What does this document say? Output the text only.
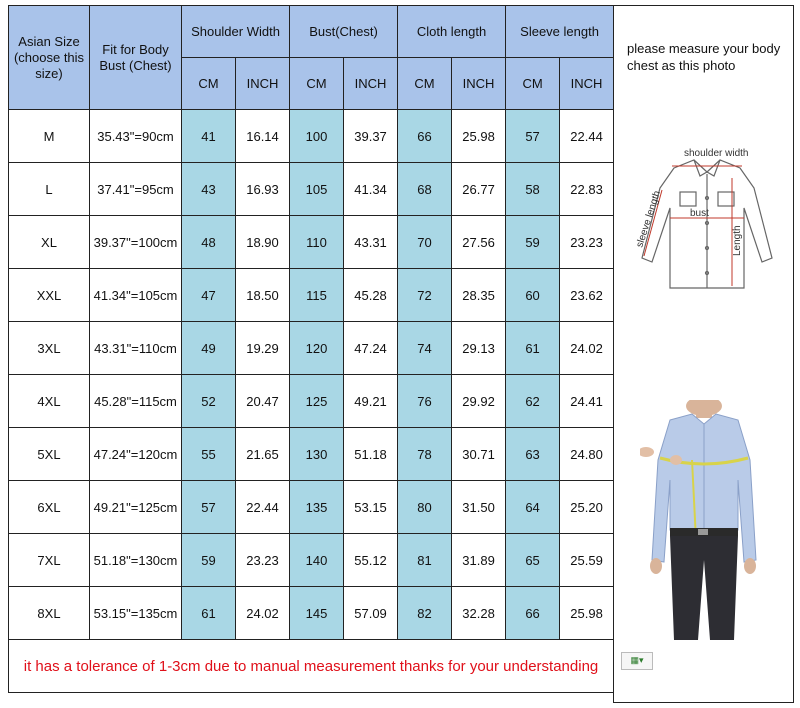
Asian Size (choose this size)	Fit for Body Bust (Chest)	Shoulder Width		Bust(Chest)		Cloth length		Sleeve length	
		CM	INCH	CM	INCH	CM	INCH	CM	INCH
M	35.43"=90cm	41	16.14	100	39.37	66	25.98	57	22.44
L	37.41"=95cm	43	16.93	105	41.34	68	26.77	58	22.83
XL	39.37"=100cm	48	18.90	110	43.31	70	27.56	59	23.23
XXL	41.34"=105cm	47	18.50	115	45.28	72	28.35	60	23.62
3XL	43.31"=110cm	49	19.29	120	47.24	74	29.13	61	24.02
4XL	45.28"=115cm	52	20.47	125	49.21	76	29.92	62	24.41
5XL	47.24"=120cm	55	21.65	130	51.18	78	30.71	63	24.80
6XL	49.21"=125cm	57	22.44	135	53.15	80	31.50	64	25.20
7XL	51.18"=130cm	59	23.23	140	55.12	81	31.89	65	25.59
8XL	53.15"=135cm	61	24.02	145	57.09	82	32.28	66	25.98
it has a tolerance of 1-3cm due to manual measurement thanks for your understanding									
please measure your body chest as this photo
shoulder width
bust
sleeve length	Length
▦▾
